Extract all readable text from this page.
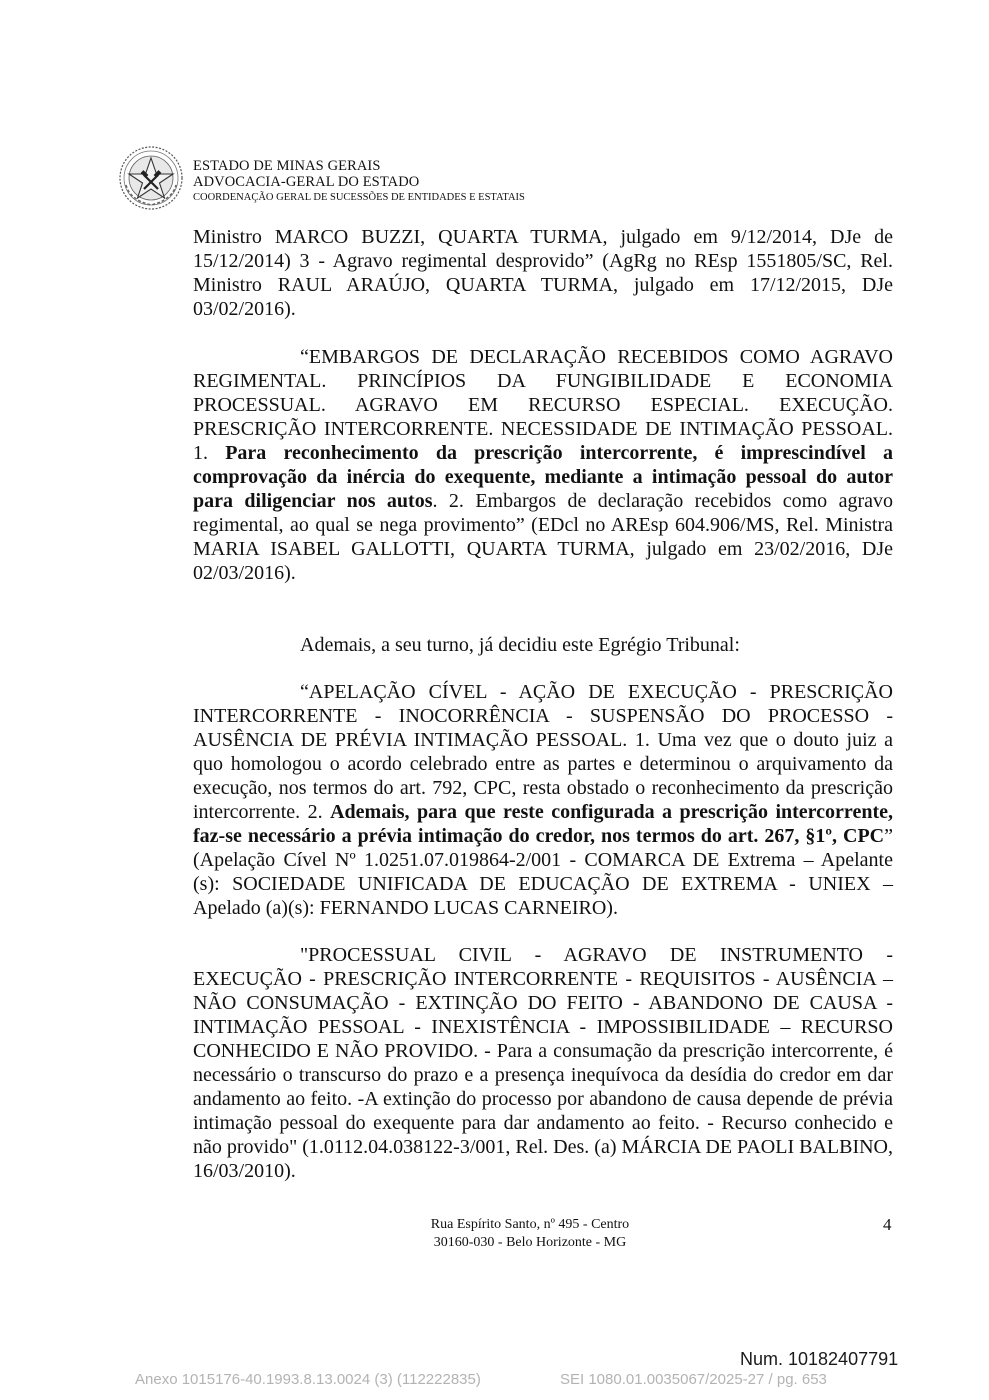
ESTADO DE MINAS GERAIS
ADVOCACIA-GERAL DO ESTADO
COORDENAÇÃO GERAL DE SUCESSÕES DE ENTIDADES E ESTATAIS

Ministro MARCO BUZZI, QUARTA TURMA, julgado em 9/12/2014, DJe de 15/12/2014) 3 - Agravo regimental desprovido” (AgRg no REsp 1551805/SC, Rel. Ministro RAUL ARAÚJO, QUARTA TURMA, julgado em 17/12/2015, DJe 03/02/2016).

“EMBARGOS DE DECLARAÇÃO RECEBIDOS COMO AGRAVO REGIMENTAL. PRINCÍPIOS DA FUNGIBILIDADE E ECONOMIA PROCESSUAL. AGRAVO EM RECURSO ESPECIAL. EXECUÇÃO. PRESCRIÇÃO INTERCORRENTE. NECESSIDADE DE INTIMAÇÃO PESSOAL. 1. Para reconhecimento da prescrição intercorrente, é imprescindível a comprovação da inércia do exequente, mediante a intimação pessoal do autor para diligenciar nos autos. 2. Embargos de declaração recebidos como agravo regimental, ao qual se nega provimento” (EDcl no AREsp 604.906/MS, Rel. Ministra MARIA ISABEL GALLOTTI, QUARTA TURMA, julgado em 23/02/2016, DJe 02/03/2016).

Ademais, a seu turno, já decidiu este Egrégio Tribunal:

“APELAÇÃO CÍVEL - AÇÃO DE EXECUÇÃO - PRESCRIÇÃO INTERCORRENTE - INOCORRÊNCIA - SUSPENSÃO DO PROCESSO - AUSÊNCIA DE PRÉVIA INTIMAÇÃO PESSOAL. 1. Uma vez que o douto juiz a quo homologou o acordo celebrado entre as partes e determinou o arquivamento da execução, nos termos do art. 792, CPC, resta obstado o reconhecimento da prescrição intercorrente. 2. Ademais, para que reste configurada a prescrição intercorrente, faz-se necessário a prévia intimação do credor, nos termos do art. 267, §1º, CPC” (Apelação Cível Nº 1.0251.07.019864-2/001 - COMARCA DE Extrema – Apelante (s): SOCIEDADE UNIFICADA DE EDUCAÇÃO DE EXTREMA - UNIEX – Apelado (a)(s): FERNANDO LUCAS CARNEIRO).

"PROCESSUAL CIVIL - AGRAVO DE INSTRUMENTO - EXECUÇÃO - PRESCRIÇÃO INTERCORRENTE - REQUISITOS - AUSÊNCIA – NÃO CONSUMAÇÃO - EXTINÇÃO DO FEITO - ABANDONO DE CAUSA - INTIMAÇÃO PESSOAL - INEXISTÊNCIA - IMPOSSIBILIDADE – RECURSO CONHECIDO E NÃO PROVIDO. - Para a consumação da prescrição intercorrente, é necessário o transcurso do prazo e a presença inequívoca da desídia do credor em dar andamento ao feito. -A extinção do processo por abandono de causa depende de prévia intimação pessoal do exequente para dar andamento ao feito. - Recurso conhecido e não provido" (1.0112.04.038122-3/001, Rel. Des. (a) MÁRCIA DE PAOLI BALBINO, 16/03/2010).

Rua Espírito Santo, nº 495 - Centro
30160-030 - Belo Horizonte - MG
4
Num. 10182407791
Anexo 1015176-40.1993.8.13.0024 (3) (112222835)	SEI 1080.01.0035067/2025-27 / pg. 653
